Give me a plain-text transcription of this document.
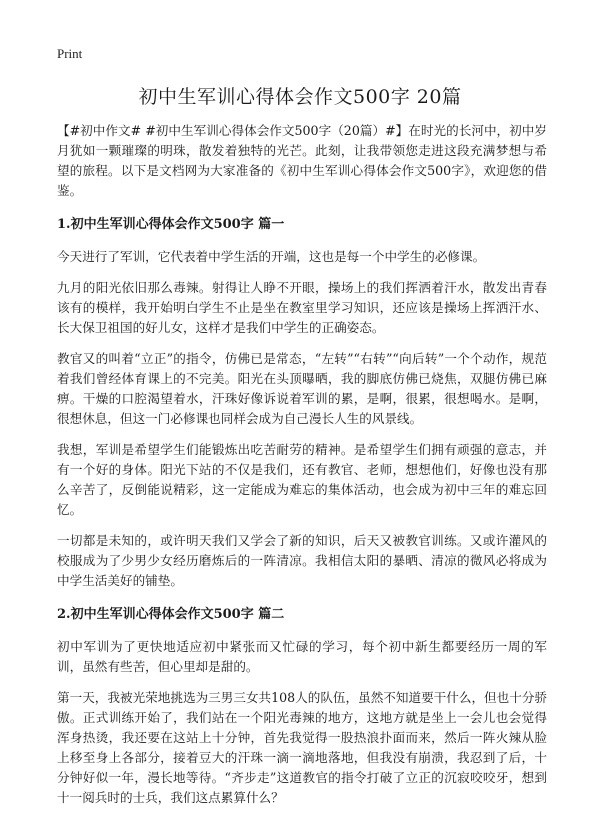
Print
初中生军训心得体会作文500字 20篇

【#初中作文# #初中生军训心得体会作文500字（20篇）#】在时光的长河中，初中岁月犹如一颗璀璨的明珠，散发着独特的光芒。此刻，让我带领您走进这段充满梦想与希望的旅程。以下是文档网为大家准备的《初中生军训心得体会作文500字》，欢迎您的借鉴。

1.初中生军训心得体会作文500字 篇一

今天进行了军训，它代表着中学生活的开端，这也是每一个中学生的必修课。

九月的阳光依旧那么毒辣。射得让人睁不开眼，操场上的我们挥洒着汗水，散发出青春该有的模样，我开始明白学生不止是坐在教室里学习知识，还应该是操场上挥洒汗水、长大保卫祖国的好儿女，这样才是我们中学生的正确姿态。

教官又的叫着“立正”的指令，仿佛已是常态，“左转”“右转”“向后转”一个个动作，规范着我们曾经体育课上的不完美。阳光在头顶曝晒，我的脚底仿佛已烧焦，双腿仿佛已麻痹。干燥的口腔渴望着水，汗珠好像诉说着军训的累，是啊，很累，很想喝水。是啊，很想休息，但这一门必修课也同样会成为自己漫长人生的风景线。

我想，军训是希望学生们能锻炼出吃苦耐劳的精神。是希望学生们拥有顽强的意志，并有一个好的身体。阳光下站的不仅是我们，还有教官、老师，想想他们，好像也没有那么辛苦了，反倒能说精彩，这一定能成为难忘的集体活动，也会成为初中三年的难忘回忆。

一切都是未知的，或许明天我们又学会了新的知识，后天又被教官训练。又或许灌风的校服成为了少男少女经历磨炼后的一阵清凉。我相信太阳的暴晒、清凉的微风必将成为中学生活美好的铺垫。

2.初中生军训心得体会作文500字 篇二

初中军训为了更快地适应初中紧张而又忙碌的学习，每个初中新生都要经历一周的军训，虽然有些苦，但心里却是甜的。

第一天，我被光荣地挑选为三男三女共108人的队伍，虽然不知道要干什么，但也十分骄傲。正式训练开始了，我们站在一个阳光毒辣的地方，这地方就是坐上一会儿也会觉得浑身热烫，我还要在这站上十分钟，首先我觉得一股热浪扑面而来，然后一阵火辣从脸上移至身上各部分，接着豆大的汗珠一滴一滴地落地，但我没有崩溃，我忍到了后，十分钟好似一年，漫长地等待。“齐步走”这道教官的指令打破了立正的沉寂咬咬牙，想到十一阅兵时的士兵，我们这点累算什么？
